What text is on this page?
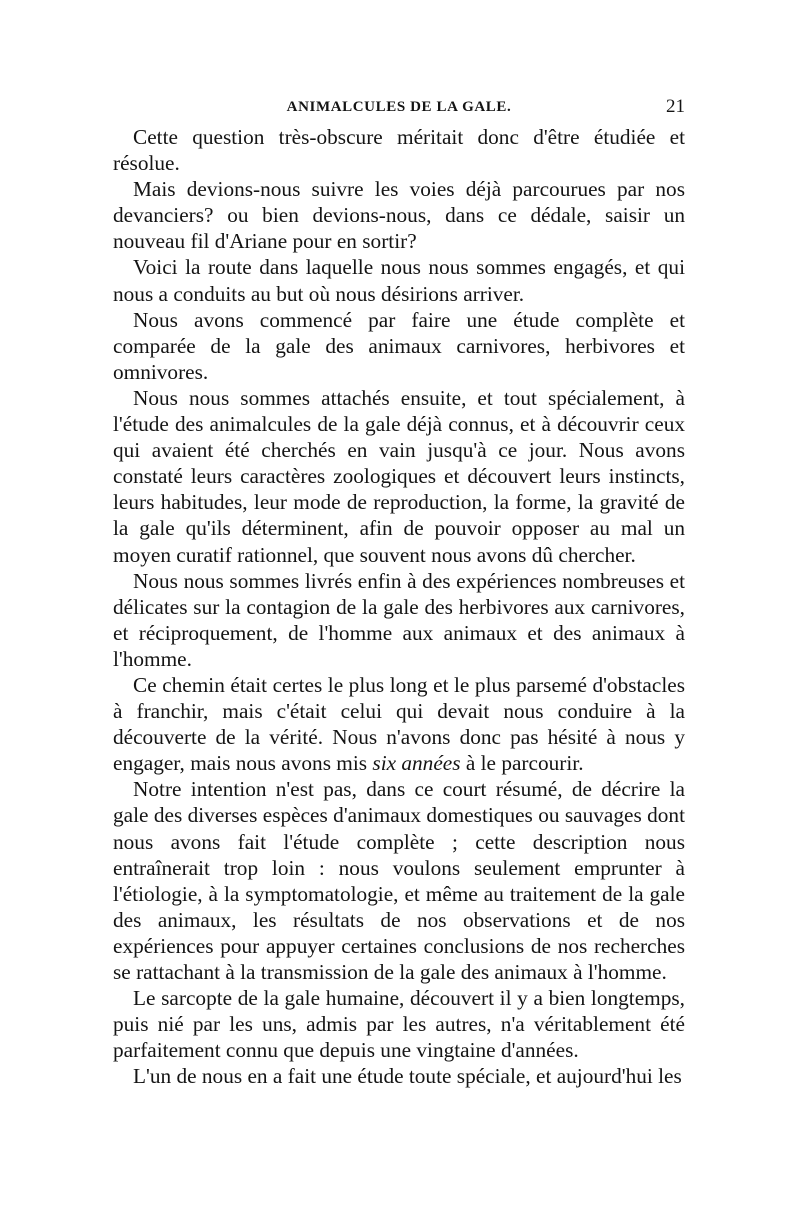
ANIMALCULES DE LA GALE.	21

Cette question très-obscure méritait donc d'être étudiée et résolue.

Mais devions-nous suivre les voies déjà parcourues par nos devanciers? ou bien devions-nous, dans ce dédale, saisir un nouveau fil d'Ariane pour en sortir?

Voici la route dans laquelle nous nous sommes engagés, et qui nous a conduits au but où nous désirions arriver.

Nous avons commencé par faire une étude complète et comparée de la gale des animaux carnivores, herbivores et omnivores.

Nous nous sommes attachés ensuite, et tout spécialement, à l'étude des animalcules de la gale déjà connus, et à découvrir ceux qui avaient été cherchés en vain jusqu'à ce jour. Nous avons constaté leurs caractères zoologiques et découvert leurs instincts, leurs habitudes, leur mode de reproduction, la forme, la gravité de la gale qu'ils déterminent, afin de pouvoir opposer au mal un moyen curatif rationnel, que souvent nous avons dû chercher.

Nous nous sommes livrés enfin à des expériences nombreuses et délicates sur la contagion de la gale des herbivores aux carnivores, et réciproquement, de l'homme aux animaux et des animaux à l'homme.

Ce chemin était certes le plus long et le plus parsemé d'obstacles à franchir, mais c'était celui qui devait nous conduire à la découverte de la vérité. Nous n'avons donc pas hésité à nous y engager, mais nous avons mis six années à le parcourir.

Notre intention n'est pas, dans ce court résumé, de décrire la gale des diverses espèces d'animaux domestiques ou sauvages dont nous avons fait l'étude complète ; cette description nous entraînerait trop loin : nous voulons seulement emprunter à l'étiologie, à la symptomatologie, et même au traitement de la gale des animaux, les résultats de nos observations et de nos expériences pour appuyer certaines conclusions de nos recherches se rattachant à la transmission de la gale des animaux à l'homme.

Le sarcopte de la gale humaine, découvert il y a bien longtemps, puis nié par les uns, admis par les autres, n'a véritablement été parfaitement connu que depuis une vingtaine d'années.

L'un de nous en a fait une étude toute spéciale, et aujourd'hui les
